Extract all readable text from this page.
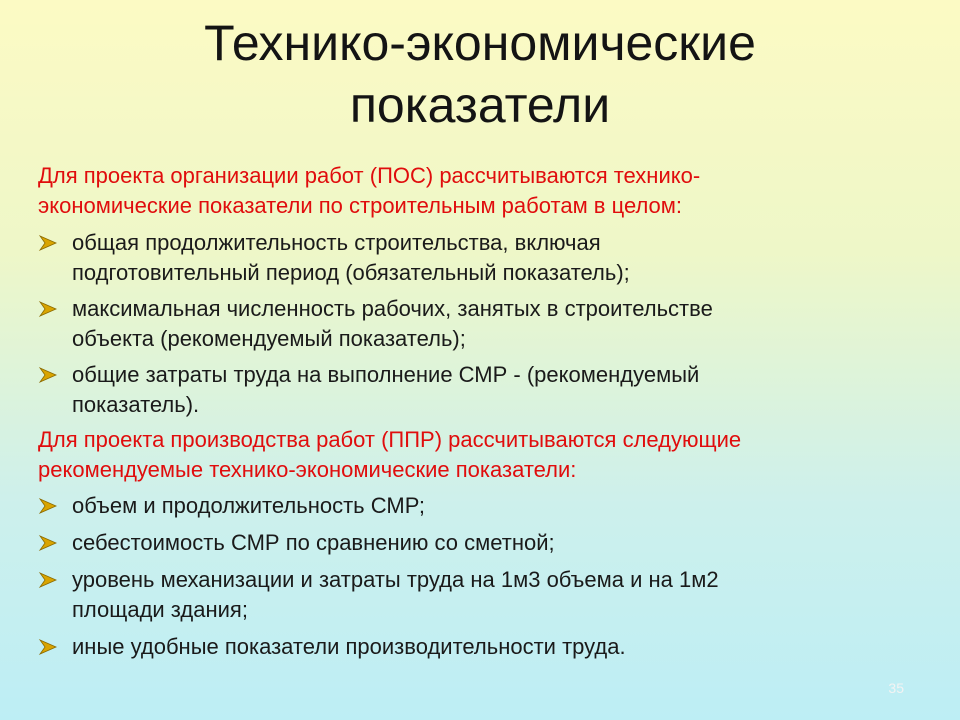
Технико-экономические
показатели

Для проекта организации работ (ПОС) рассчитываются технико-
экономические показатели по строительным работам в целом:

общая продолжительность строительства, включая
подготовительный период (обязательный показатель);
максимальная численность рабочих, занятых в строительстве
объекта (рекомендуемый показатель);
общие затраты труда на выполнение СМР - (рекомендуемый
показатель).

Для проекта производства работ (ППР) рассчитываются следующие
рекомендуемые технико-экономические показатели:

объем и продолжительность СМР;
себестоимость СМР по сравнению со сметной;
уровень механизации и затраты труда на 1м3 объема и на 1м2
площади здания;
иные удобные показатели производительности труда.
35
